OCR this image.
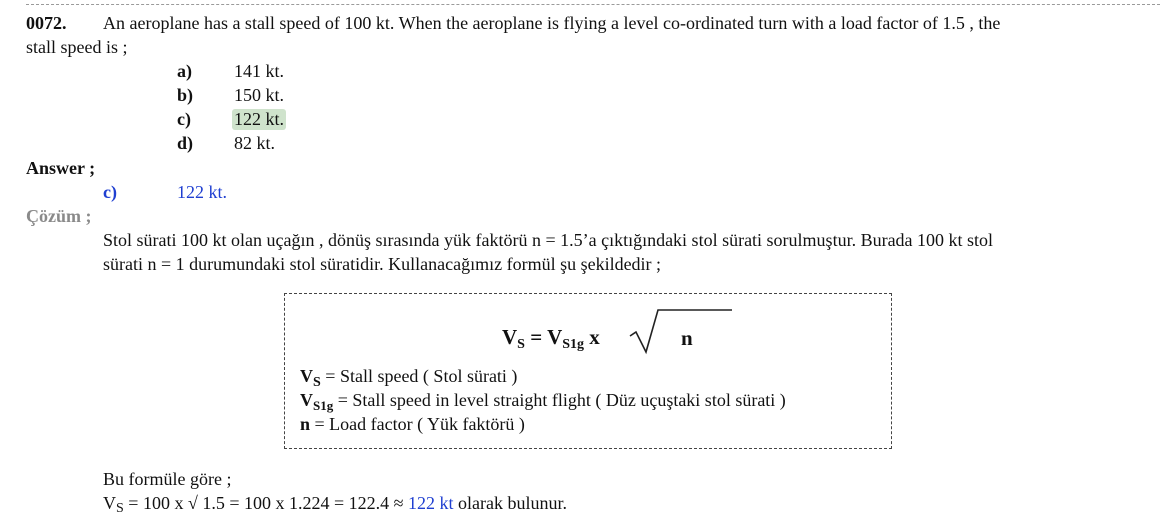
0072. An aeroplane has a stall speed of 100 kt. When the aeroplane is flying a level co-ordinated turn with a load factor of 1.5 , the
stall speed is ;
a) 141 kt.
b) 150 kt.
c) 122 kt.
d) 82 kt.
Answer ;
c)	122 kt.
Çözüm ;
Stol sürati 100 kt olan uçağın , dönüş sırasında yük faktörü n = 1.5’a çıktığındaki stol sürati sorulmuştur. Burada 100 kt stol
sürati n = 1 durumundaki stol süratidir. Kullanacağımız formül şu şekildedir ;
VS = VS1g x	n
$V_S$ = Stall speed ( Stol sürati )
$V_{S1g}$ = Stall speed in level straight flight ( Düz uçuştaki stol sürati )
n = Load factor ( Yük faktörü )
Bu formüle göre ;
VS = 100 x √ 1.5 = 100 x 1.224 = 122.4 ≈ 122 kt olarak bulunur.
